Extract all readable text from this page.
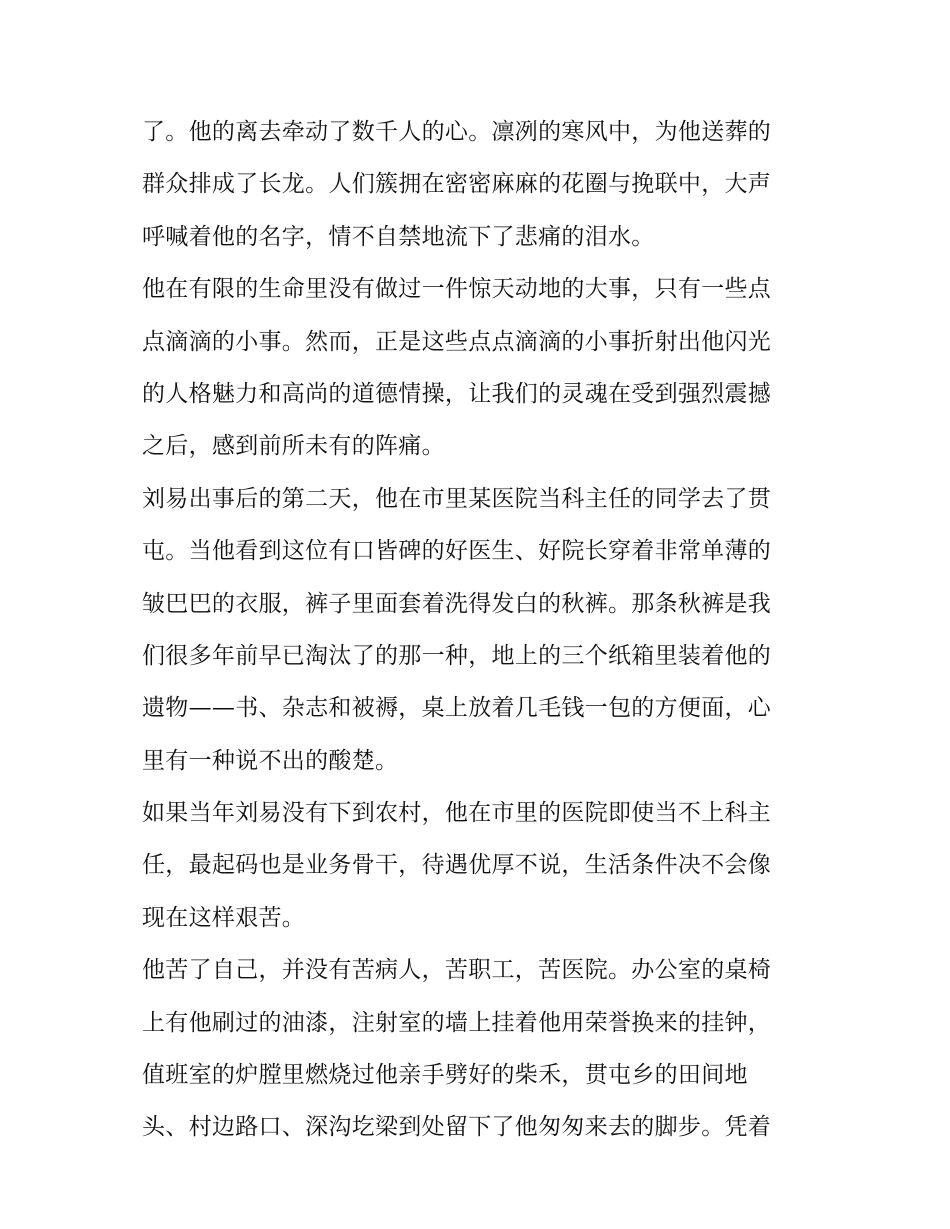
了。他的离去牵动了数千人的心。凛冽的寒风中，为他送葬的
群众排成了长龙。人们簇拥在密密麻麻的花圈与挽联中，大声
呼喊着他的名字，情不自禁地流下了悲痛的泪水。
他在有限的生命里没有做过一件惊天动地的大事，只有一些点
点滴滴的小事。然而，正是这些点点滴滴的小事折射出他闪光
的人格魅力和高尚的道德情操，让我们的灵魂在受到强烈震撼
之后，感到前所未有的阵痛。
刘易出事后的第二天，他在市里某医院当科主任的同学去了贯
屯。当他看到这位有口皆碑的好医生、好院长穿着非常单薄的
皱巴巴的衣服，裤子里面套着洗得发白的秋裤。那条秋裤是我
们很多年前早已淘汰了的那一种，地上的三个纸箱里装着他的
遗物——书、杂志和被褥，桌上放着几毛钱一包的方便面，心
里有一种说不出的酸楚。
如果当年刘易没有下到农村，他在市里的医院即使当不上科主
任，最起码也是业务骨干，待遇优厚不说，生活条件决不会像
现在这样艰苦。
他苦了自己，并没有苦病人，苦职工，苦医院。办公室的桌椅
上有他刷过的油漆，注射室的墙上挂着他用荣誉换来的挂钟，
值班室的炉膛里燃烧过他亲手劈好的柴禾，贯屯乡的田间地
头、村边路口、深沟圪梁到处留下了他匆匆来去的脚步。凭着
